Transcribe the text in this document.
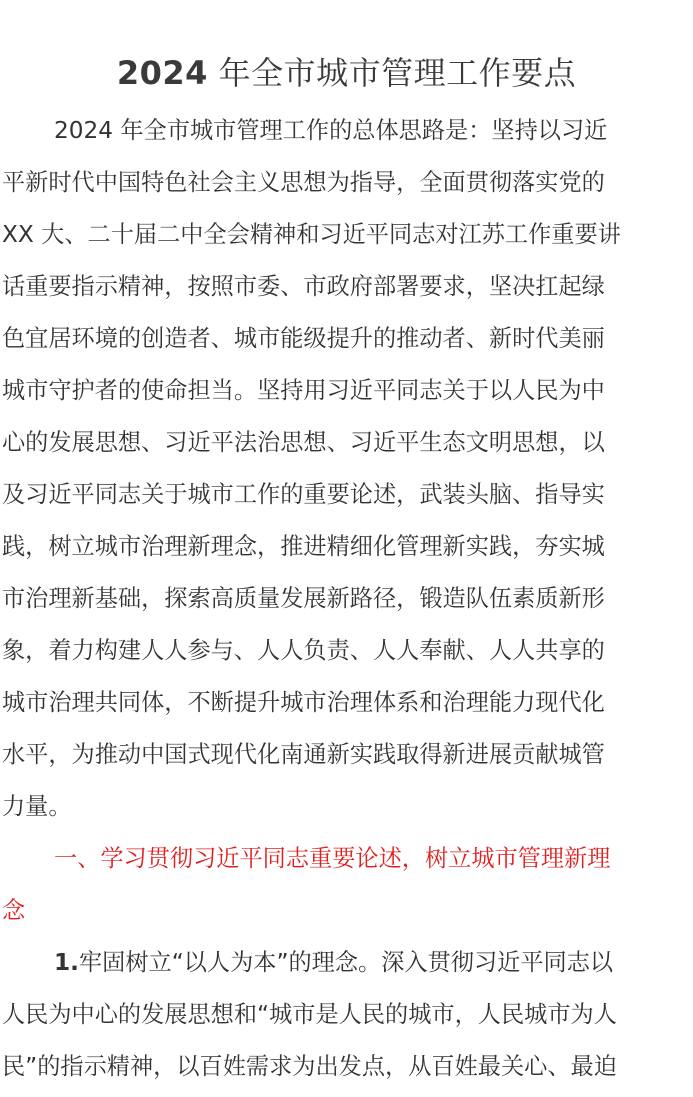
2024 年全市城市管理工作要点
2024 年全市城市管理工作的总体思路是：坚持以习近
平新时代中国特色社会主义思想为指导，全面贯彻落实党的
XX 大、二十届二中全会精神和习近平同志对江苏工作重要讲
话重要指示精神，按照市委、市政府部署要求，坚决扛起绿
色宜居环境的创造者、城市能级提升的推动者、新时代美丽
城市守护者的使命担当。坚持用习近平同志关于以人民为中
心的发展思想、习近平法治思想、习近平生态文明思想，以
及习近平同志关于城市工作的重要论述，武装头脑、指导实
践，树立城市治理新理念，推进精细化管理新实践，夯实城
市治理新基础，探索高质量发展新路径，锻造队伍素质新形
象，着力构建人人参与、人人负责、人人奉献、人人共享的
城市治理共同体，不断提升城市治理体系和治理能力现代化
水平，为推动中国式现代化南通新实践取得新进展贡献城管
力量。
一、学习贯彻习近平同志重要论述，树立城市管理新理
念
1.牢固树立“以人为本”的理念。深入贯彻习近平同志以
人民为中心的发展思想和“城市是人民的城市，人民城市为人
民”的指示精神，以百姓需求为出发点，从百姓最关心、最迫
